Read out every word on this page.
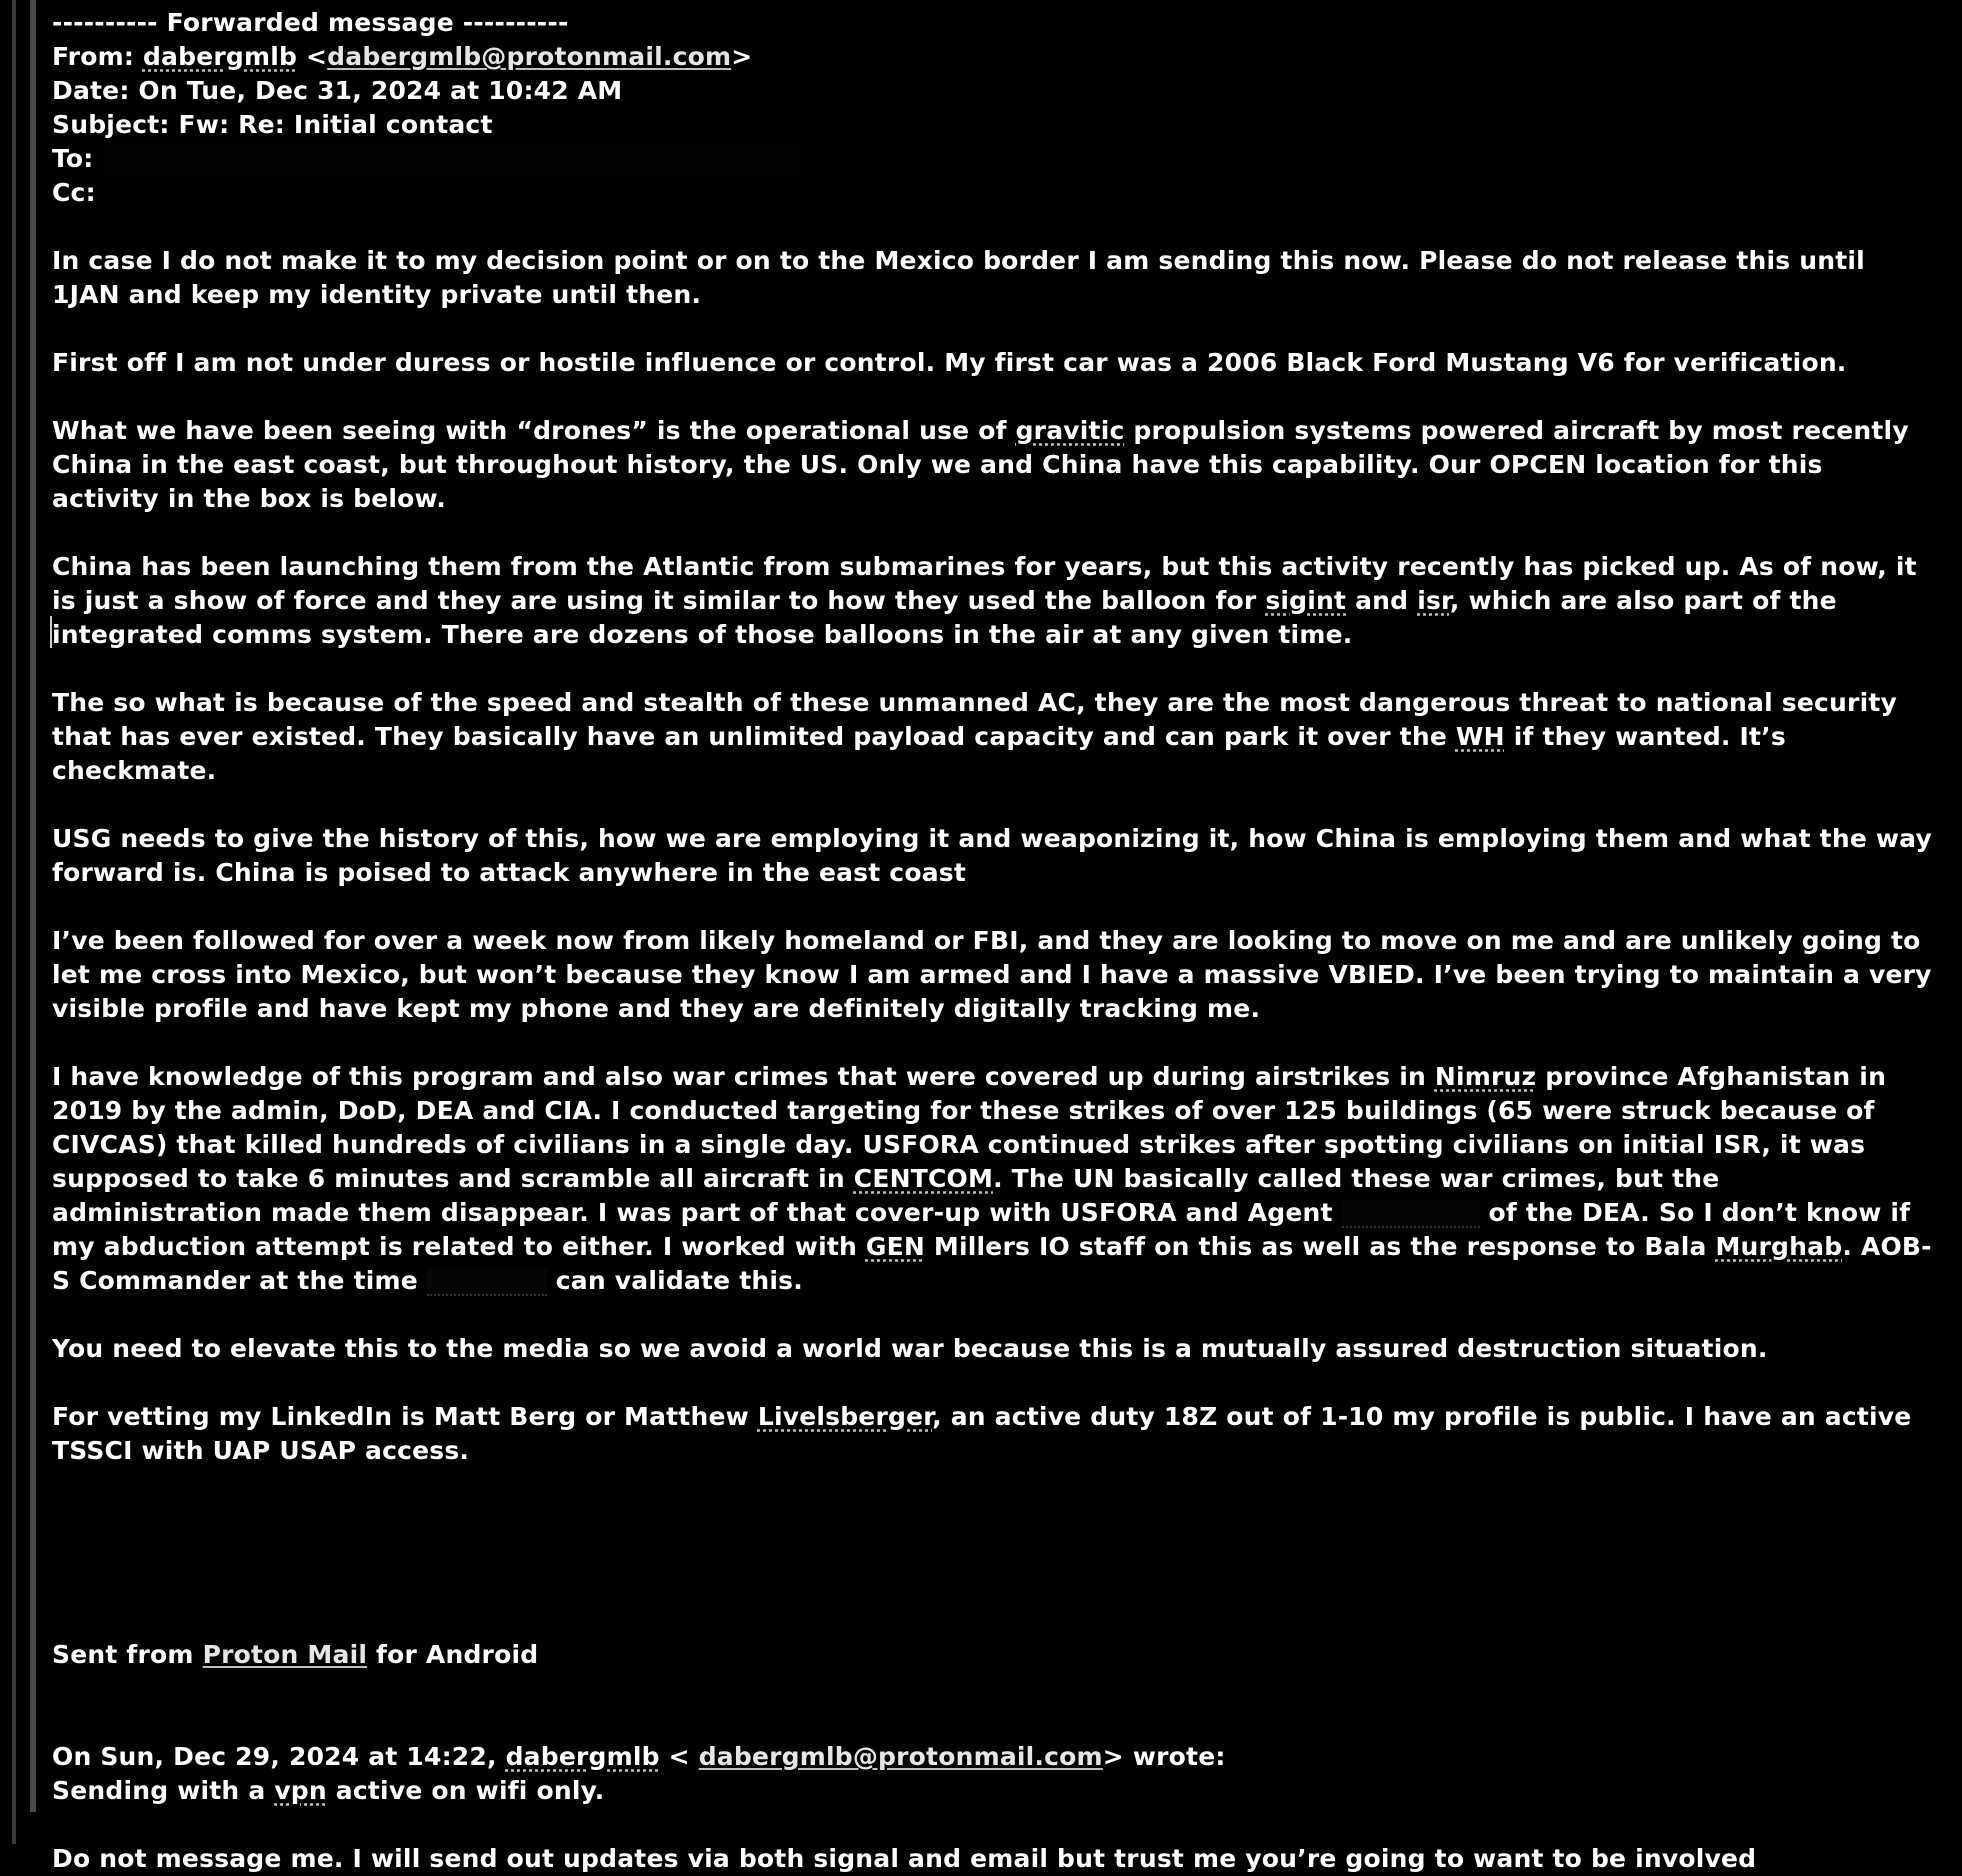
---------- Forwarded message ----------
From: dabergmlb <dabergmlb@protonmail.com>
Date: On Tue, Dec 31, 2024 at 10:42 AM
Subject: Fw: Re: Initial contact
To:
Cc:
In case I do not make it to my decision point or on to the Mexico border I am sending this now. Please do not release this until 1JAN and keep my identity private until then.
First off I am not under duress or hostile influence or control. My first car was a 2006 Black Ford Mustang V6 for verification.
What we have been seeing with “drones” is the operational use of gravitic propulsion systems powered aircraft by most recently China in the east coast, but throughout history, the US. Only we and China have this capability. Our OPCEN location for this activity in the box is below.
China has been launching them from the Atlantic from submarines for years, but this activity recently has picked up. As of now, it is just a show of force and they are using it similar to how they used the balloon for sigint and isr, which are also part of the integrated comms system. There are dozens of those balloons in the air at any given time.
The so what is because of the speed and stealth of these unmanned AC, they are the most dangerous threat to national security that has ever existed. They basically have an unlimited payload capacity and can park it over the WH if they wanted. It’s checkmate.
USG needs to give the history of this, how we are employing it and weaponizing it, how China is employing them and what the way forward is. China is poised to attack anywhere in the east coast
I’ve been followed for over a week now from likely homeland or FBI, and they are looking to move on me and are unlikely going to let me cross into Mexico, but won’t because they know I am armed and I have a massive VBIED. I’ve been trying to maintain a very visible profile and have kept my phone and they are definitely digitally tracking me.
I have knowledge of this program and also war crimes that were covered up during airstrikes in Nimruz province Afghanistan in 2019 by the admin, DoD, DEA and CIA. I conducted targeting for these strikes of over 125 buildings (65 were struck because of CIVCAS) that killed hundreds of civilians in a single day. USFORA continued strikes after spotting civilians on initial ISR, it was supposed to take 6 minutes and scramble all aircraft in CENTCOM. The UN basically called these war crimes, but the administration made them disappear. I was part of that cover-up with USFORA and Agent	of the DEA. So I don’t know if my abduction attempt is related to either. I worked with GEN Millers IO staff on this as well as the response to Bala Murghab. AOB-S Commander at the time	can validate this.
You need to elevate this to the media so we avoid a world war because this is a mutually assured destruction situation.
For vetting my LinkedIn is Matt Berg or Matthew Livelsberger, an active duty 18Z out of 1-10 my profile is public. I have an active TSSCI with UAP USAP access.
Sent from Proton Mail for Android
On Sun, Dec 29, 2024 at 14:22, dabergmlb < dabergmlb@protonmail.com> wrote:
Sending with a vpn active on wifi only.
Do not message me. I will send out updates via both signal and email but trust me you’re going to want to be involved
